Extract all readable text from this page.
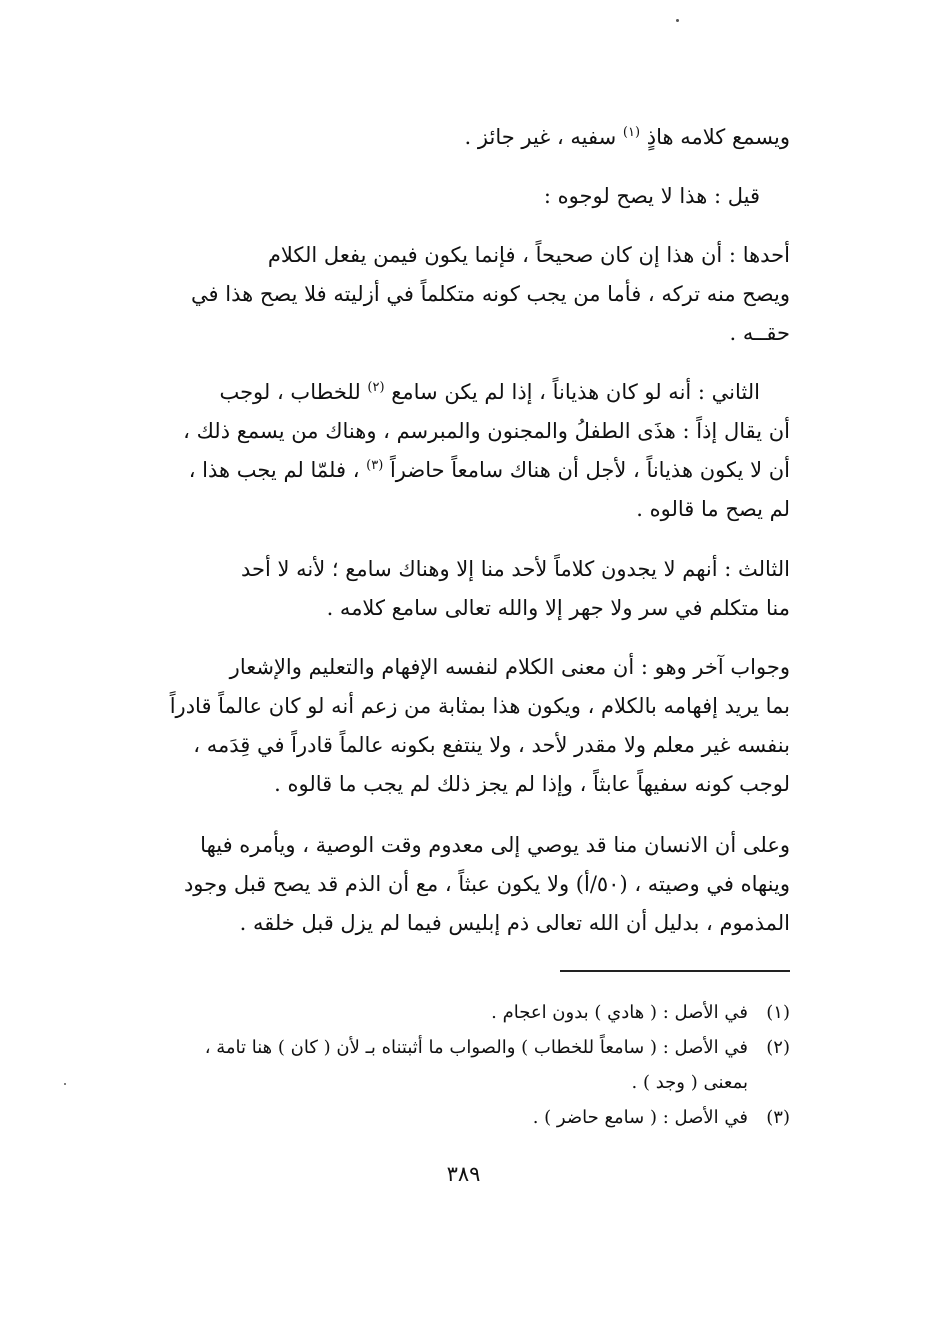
ويسمع كلامه هاذٍ $^{(١)}$ سفيه ، غير جائز .
قيل : هذا لا يصح لوجوه :
أحدها : أن هذا إن كان صحيحاً ، فإنما يكون فيمن يفعل الكلام
ويصح منه تركه ، فأما من يجب كونه متكلماً في أزليته فلا يصح هذا في
حقــه .
الثاني : أنه لو كان هذياناً ، إذا لم يكن سامع $^{(٢)}$ للخطاب ، لوجب
أن يقال إذاً : هذَى الطفلُ والمجنون والمبرسم ، وهناك من يسمع ذلك ،
أن لا يكون هذياناً ، لأجل أن هناك سامعاً حاضراً $^{(٣)}$ ، فلمّا لم يجب هذا ،
لم يصح ما قالوه .
الثالث : أنهم لا يجدون كلاماً لأحد منا إلا وهناك سامع ؛ لأنه لا أحد
منا متكلم في سر ولا جهر إلا والله تعالى سامع كلامه .
وجواب آخر وهو : أن معنى الكلام لنفسه الإفهام والتعليم والإشعار
بما يريد إفهامه بالكلام ، ويكون هذا بمثابة من زعم أنه لو كان عالماً قادراً
بنفسه غير معلم ولا مقدر لأحد ، ولا ينتفع بكونه عالماً قادراً في قِدَمه ،
لوجب كونه سفيهاً عابثاً ، وإذا لم يجز ذلك لم يجب ما قالوه .
وعلى أن الانسان منا قد يوصي إلى معدوم وقت الوصية ، ويأمره فيها
وينهاه في وصيته ، (٥٠/أ) ولا يكون عبثاً ، مع أن الذم قد يصح قبل وجود
المذموم ، بدليل أن الله تعالى ذم إبليس فيما لم يزل قبل خلقه .
(١)في الأصل : ( هادي ) بدون اعجام .
(٢)في الأصل : ( سامعاً للخطاب ) والصواب ما أثبتناه بـ لأن ( كان ) هنا تامة ،
بمعنى ( وجد ) .
(٣)في الأصل : ( سامع حاضر ) .
٣٨٩
